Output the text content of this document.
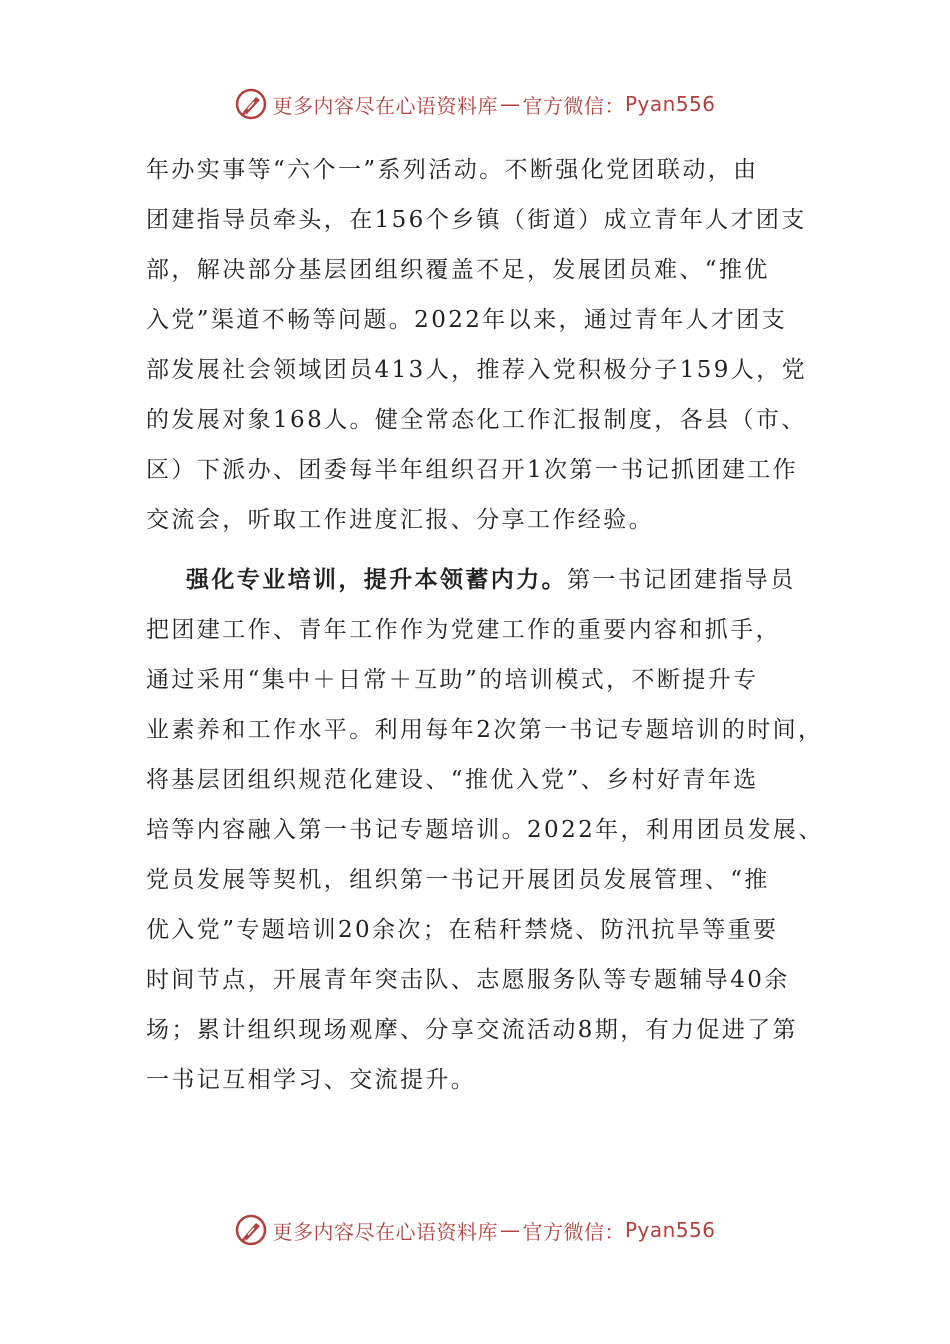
更多内容尽在心语资料库 — 官方微信： Pyan556
年办实事等“六个一”系列活动。不断强化党团联动，由
团建指导员牵头，在156个乡镇（街道）成立青年人才团支
部，解决部分基层团组织覆盖不足，发展团员难、“推优
入党”渠道不畅等问题。2022年以来，通过青年人才团支
部发展社会领域团员413人，推荐入党积极分子159人，党
的发展对象168人。健全常态化工作汇报制度，各县（市、
区）下派办、团委每半年组织召开1次第一书记抓团建工作
交流会，听取工作进度汇报、分享工作经验。
强化专业培训，提升本领蓄内力。第一书记团建指导员
把团建工作、青年工作作为党建工作的重要内容和抓手，
通过采用“集中＋日常＋互助”的培训模式，不断提升专
业素养和工作水平。利用每年2次第一书记专题培训的时间，
将基层团组织规范化建设、“推优入党”、乡村好青年选
培等内容融入第一书记专题培训。2022年，利用团员发展、
党员发展等契机，组织第一书记开展团员发展管理、“推
优入党”专题培训20余次；在秸秆禁烧、防汛抗旱等重要
时间节点，开展青年突击队、志愿服务队等专题辅导40余
场；累计组织现场观摩、分享交流活动8期，有力促进了第
一书记互相学习、交流提升。
更多内容尽在心语资料库 — 官方微信： Pyan556
